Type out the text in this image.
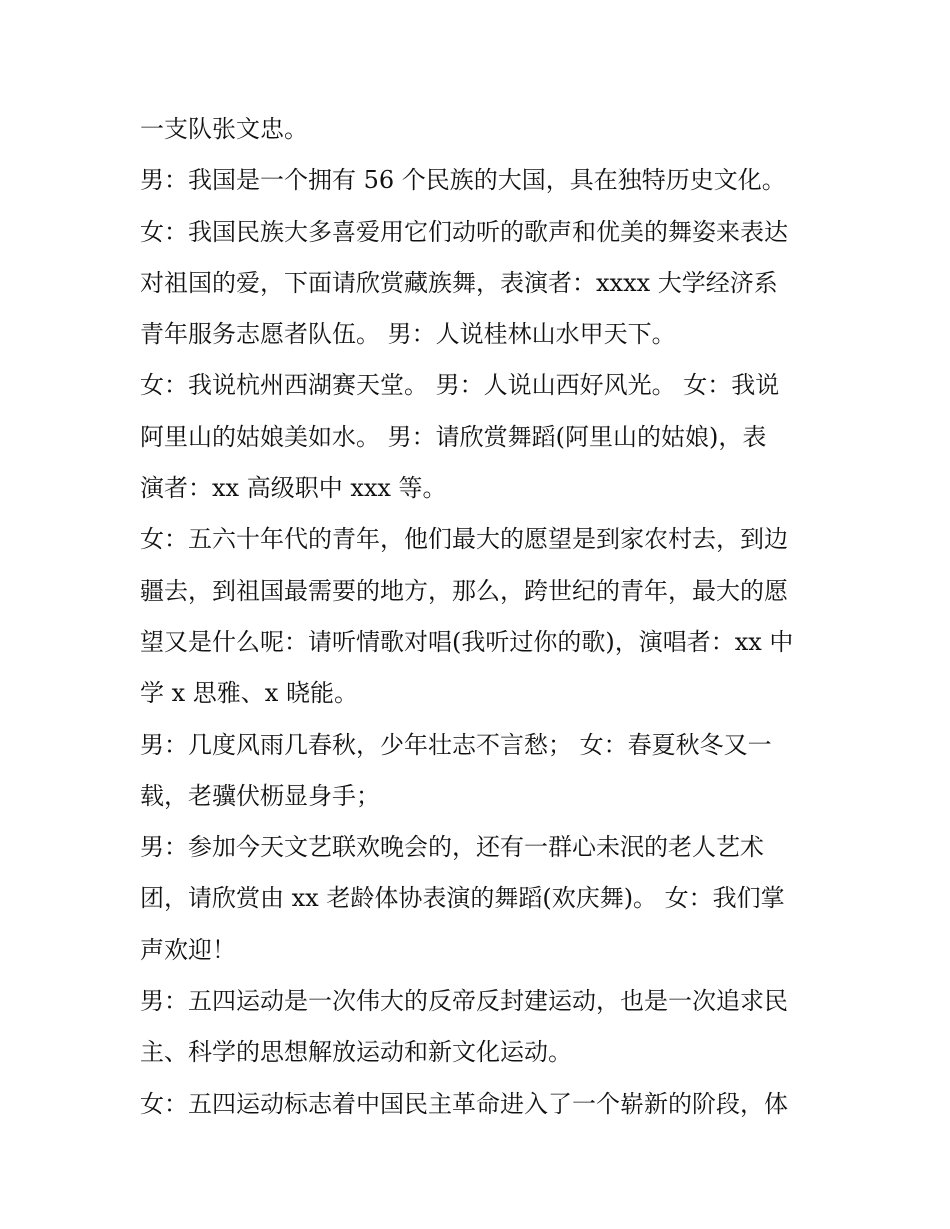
一支队张文忠。
男：我国是一个拥有 56 个民族的大国，具在独特历史文化。
女：我国民族大多喜爱用它们动听的歌声和优美的舞姿来表达
对祖国的爱，下面请欣赏藏族舞，表演者：xxxx 大学经济系
青年服务志愿者队伍。 男：人说桂林山水甲天下。
女：我说杭州西湖赛天堂。 男：人说山西好风光。 女：我说
阿里山的姑娘美如水。 男：请欣赏舞蹈(阿里山的姑娘)，表
演者：xx 高级职中 xxx 等。
女：五六十年代的青年，他们最大的愿望是到家农村去，到边
疆去，到祖国最需要的地方，那么，跨世纪的青年，最大的愿
望又是什么呢：请听情歌对唱(我听过你的歌)，演唱者：xx 中
学 x 思雅、x 晓能。
男：几度风雨几春秋，少年壮志不言愁； 女：春夏秋冬又一
载，老骥伏枥显身手；
男：参加今天文艺联欢晚会的，还有一群心未泯的老人艺术
团，请欣赏由 xx 老龄体协表演的舞蹈(欢庆舞)。 女：我们掌
声欢迎！
男：五四运动是一次伟大的反帝反封建运动，也是一次追求民
主、科学的思想解放运动和新文化运动。
女：五四运动标志着中国民主革命进入了一个崭新的阶段，体
